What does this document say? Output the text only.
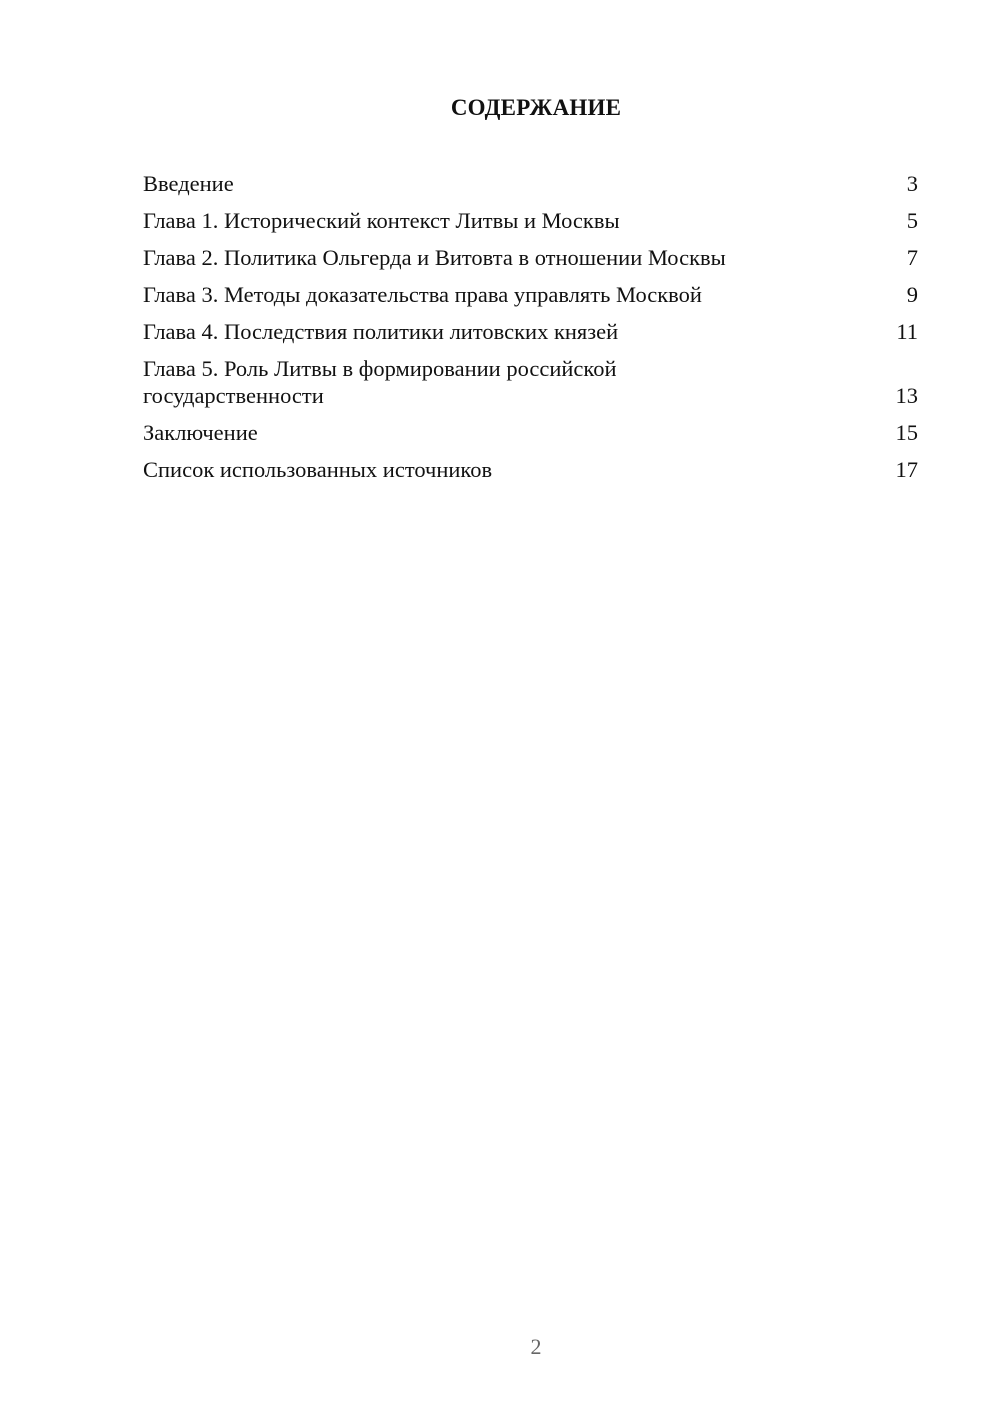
СОДЕРЖАНИЕ
Введение	3
Глава 1. Исторический контекст Литвы и Москвы	5
Глава 2. Политика Ольгерда и Витовта в отношении Москвы	7
Глава 3. Методы доказательства права управлять Москвой	9
Глава 4. Последствия политики литовских князей	11
Глава 5. Роль Литвы в формировании российской государственности	13
Заключение	15
Список использованных источников	17
2
